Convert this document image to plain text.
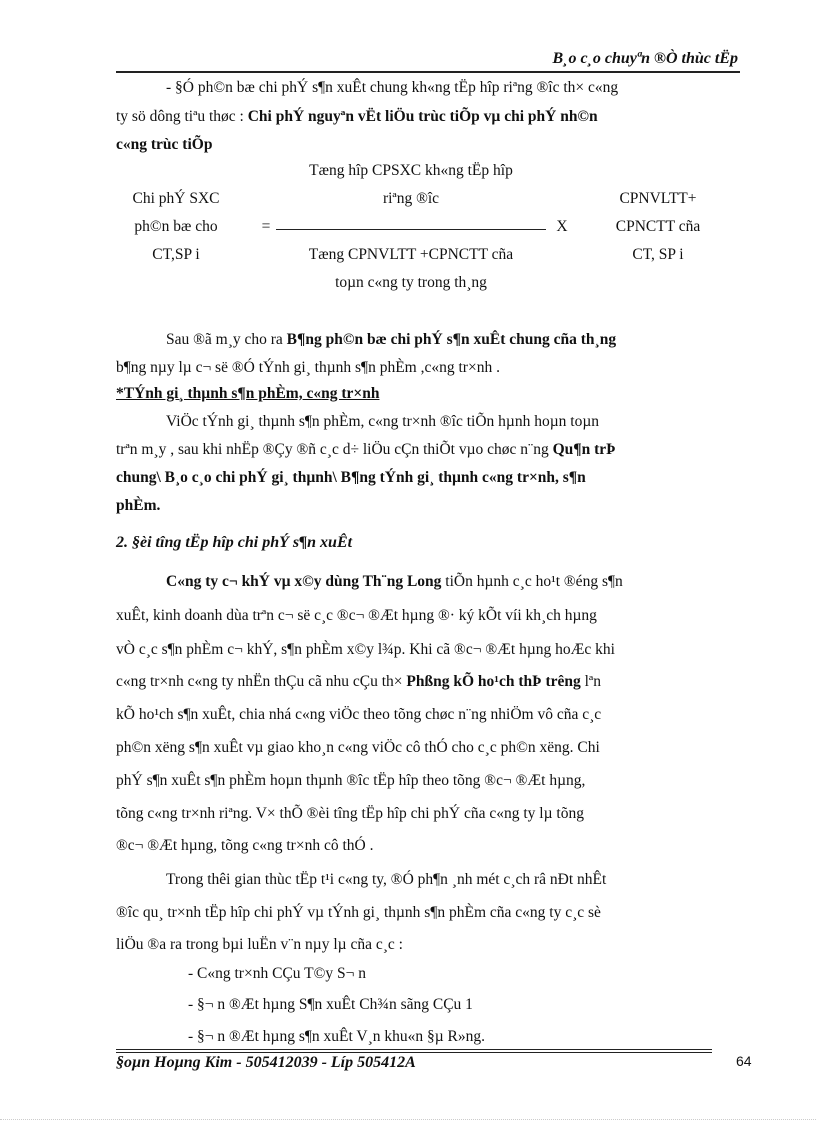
B¸o c¸o chuyªn ®Ò thùc tËp
- §Ó ph©n bæ chi phÝ s¶n xuÊt chung kh«ng tËp hîp riªng ®îc th× c«ng
ty sö dông tiªu thøc : Chi phÝ nguyªn vËt liÖu trùc tiÕp vµ chi phÝ nh©n
c«ng trùc tiÕp
Chi phÝ SXC
ph©n bæ cho
CT,SP i
=
Tæng hîp CPSXC kh«ng tËp hîp
riªng ®îc
Tæng CPNVLTT +CPNCTT cña
toµn c«ng ty trong th¸ng
X
CPNVLTT+
CPNCTT cña
CT, SP i
Sau ®ã m¸y cho ra B¶ng ph©n bæ chi phÝ s¶n xuÊt chung cña th¸ng
b¶ng nµy lµ c¬ së ®Ó tÝnh gi¸ thµnh s¶n phÈm ,c«ng tr×nh .
*TÝnh gi¸ thµnh s¶n phÈm, c«ng tr×nh
ViÖc tÝnh gi¸ thµnh s¶n phÈm, c«ng tr×nh ®îc tiÕn hµnh hoµn toµn
trªn m¸y , sau khi nhËp ®Çy ®ñ c¸c d÷ liÖu cÇn thiÕt vµo chøc n¨ng Qu¶n trÞ
chung\ B¸o c¸o chi phÝ gi¸ thµnh\ B¶ng tÝnh gi¸ thµnh c«ng tr×nh, s¶n
phÈm.
2. §èi tîng tËp hîp chi phÝ s¶n xuÊt
C«ng ty c¬ khÝ vµ x©y dùng Th¨ng Long tiÕn hµnh c¸c ho¹t ®éng s¶n
xuÊt, kinh doanh dùa trªn c¬ së c¸c ®c¬ ®Æt hµng ®· ký kÕt víi kh¸ch hµng
vÒ c¸c s¶n phÈm c¬ khÝ, s¶n phÈm x©y l¾p. Khi cã ®c¬ ®Æt hµng hoÆc khi
c«ng tr×nh c«ng ty nhËn thÇu cã nhu cÇu th× Phßng kÕ ho¹ch thÞ trêng lªn
kÕ ho¹ch s¶n xuÊt, chia nhá c«ng viÖc theo tõng chøc n¨ng nhiÖm vô cña c¸c
ph©n xëng s¶n xuÊt vµ giao kho¸n c«ng viÖc cô thÓ cho c¸c ph©n xëng. Chi
phÝ s¶n xuÊt s¶n phÈm hoµn thµnh ®îc tËp hîp theo tõng ®c¬ ®Æt hµng,
tõng c«ng tr×nh riªng. V× thÕ ®èi tîng tËp hîp chi phÝ cña c«ng ty lµ tõng
®c¬ ®Æt hµng, tõng c«ng tr×nh cô thÓ .
Trong thêi gian thùc tËp t¹i c«ng ty, ®Ó ph¶n ¸nh mét c¸ch râ nÐt nhÊt
®îc qu¸ tr×nh tËp hîp chi phÝ vµ tÝnh gi¸ thµnh s¶n phÈm cña c«ng ty c¸c sè
liÖu ®a ra trong bµi luËn v¨n nµy lµ cña c¸c :
- C«ng tr×nh CÇu T©y S¬ n
- §¬ n ®Æt hµng S¶n xuÊt Ch¾n sãng CÇu 1
- §¬ n ®Æt hµng s¶n xuÊt V¸n khu«n §µ R»ng.
§oµn Hoµng Kim - 505412039 - Líp 505412A	64
